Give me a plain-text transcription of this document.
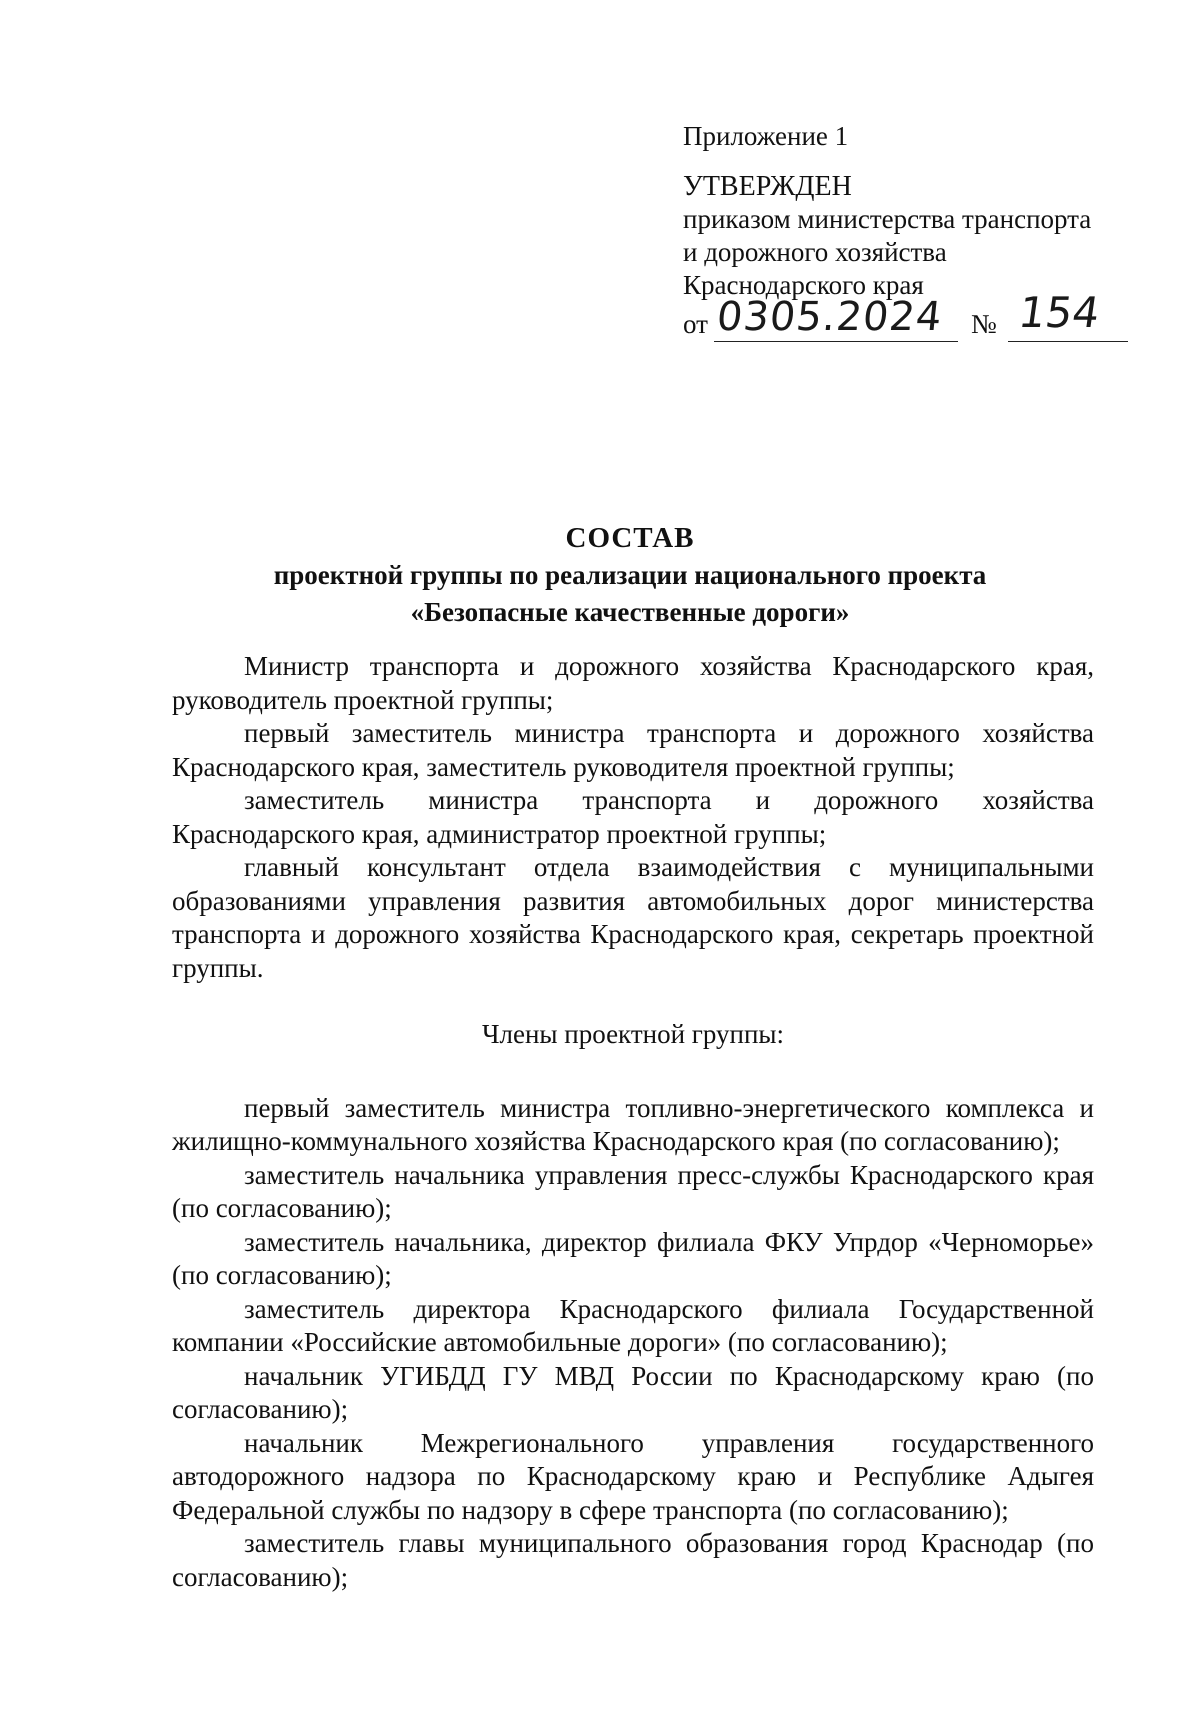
Приложение 1
УТВЕРЖДЕН
приказом министерства транспорта
и дорожного хозяйства
Краснодарского края
от 0305.2024 № 154
СОСТАВ
проектной группы по реализации национального проекта
«Безопасные качественные дороги»

Министр транспорта и дорожного хозяйства Краснодарского края, руководитель проектной группы;

первый заместитель министра транспорта и дорожного хозяйства Краснодарского края, заместитель руководителя проектной группы;

заместитель министра транспорта и дорожного хозяйства Краснодарского края, администратор проектной группы;

главный консультант отдела взаимодействия с муниципальными образованиями управления развития автомобильных дорог министерства транспорта и дорожного хозяйства Краснодарского края, секретарь проектной группы.

Члены проектной группы:

первый заместитель министра топливно-энергетического комплекса и жилищно-коммунального хозяйства Краснодарского края (по согласованию);

заместитель начальника управления пресс-службы Краснодарского края (по согласованию);

заместитель начальника, директор филиала ФКУ Упрдор «Черноморье» (по согласованию);

заместитель директора Краснодарского филиала Государственной компании «Российские автомобильные дороги» (по согласованию);

начальник УГИБДД ГУ МВД России по Краснодарскому краю (по согласованию);

начальник Межрегионального управления государственного автодорожного надзора по Краснодарскому краю и Республике Адыгея Федеральной службы по надзору в сфере транспорта (по согласованию);

заместитель главы муниципального образования город Краснодар (по согласованию);
